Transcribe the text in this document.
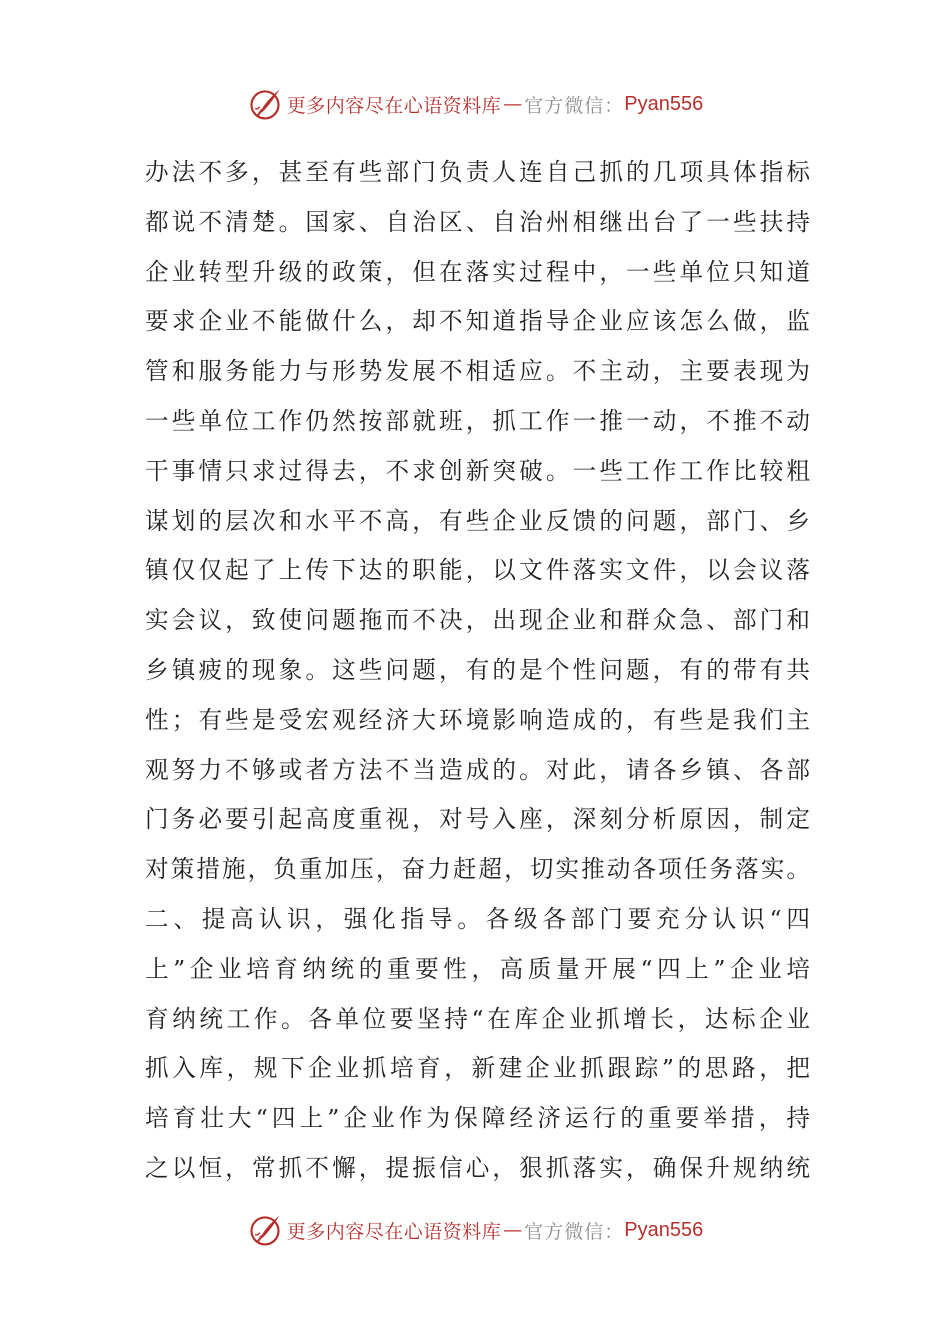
更多内容尽在心语资料库 — 官方微信： Pyan556
办法不多，甚至有些部门负责人连自己抓的几项具体指标
都说不清楚。国家、自治区、自治州相继出台了一些扶持
企业转型升级的政策，但在落实过程中，一些单位只知道
要求企业不能做什么，却不知道指导企业应该怎么做，监
管和服务能力与形势发展不相适应。不主动，主要表现为
一些单位工作仍然按部就班，抓工作一推一动，不推不动
干事情只求过得去，不求创新突破。一些工作工作比较粗
谋划的层次和水平不高，有些企业反馈的问题，部门、乡
镇仅仅起了上传下达的职能，以文件落实文件，以会议落
实会议，致使问题拖而不决，出现企业和群众急、部门和
乡镇疲的现象。这些问题，有的是个性问题，有的带有共
性；有些是受宏观经济大环境影响造成的，有些是我们主
观努力不够或者方法不当造成的。对此，请各乡镇、各部
门务必要引起高度重视，对号入座，深刻分析原因，制定
对策措施，负重加压，奋力赶超，切实推动各项任务落实。
二、提高认识，强化指导。各级各部门要充分认识“四
上”企业培育纳统的重要性，高质量开展“四上”企业培
育纳统工作。各单位要坚持“在库企业抓增长，达标企业
抓入库，规下企业抓培育，新建企业抓跟踪”的思路，把
培育壮大“四上”企业作为保障经济运行的重要举措，持
之以恒，常抓不懈，提振信心，狠抓落实，确保升规纳统
更多内容尽在心语资料库 — 官方微信： Pyan556
